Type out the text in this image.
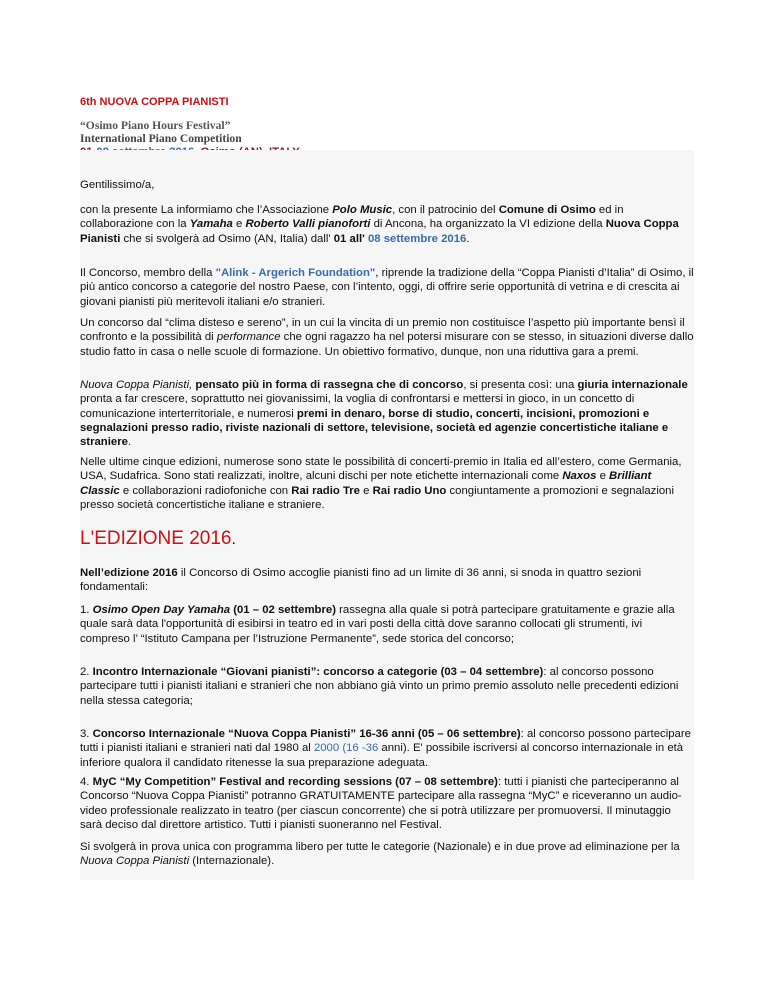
6th NUOVA COPPA PIANISTI
“Osimo Piano Hours Festival”
International Piano Competition

Gentilissimo/a,

con la presente La informiamo che l’Associazione Polo Music, con il patrocinio del Comune di Osimo ed in collaborazione con la Yamaha e Roberto Valli pianoforti di Ancona, ha organizzato la VI edizione della Nuova Coppa Pianisti che si svolgerà ad Osimo (AN, Italia) dall' 01 all' 08 settembre 2016.

Il Concorso, membro della "Alink - Argerich Foundation", riprende la tradizione della “Coppa Pianisti d’Italia” di Osimo, il più antico concorso a categorie del nostro Paese, con l’intento, oggi, di offrire serie opportunità di vetrina e di crescita ai giovani pianisti più meritevoli italiani e/o stranieri.

Un concorso dal “clima disteso e sereno”, in un cui la vincita di un premio non costituisce l’aspetto più importante bensì il confronto e la possibilità di performance che ogni ragazzo ha nel potersi misurare con se stesso, in situazioni diverse dallo studio fatto in casa o nelle scuole di formazione. Un obiettivo formativo, dunque, non una riduttiva gara a premi.

Nuova Coppa Pianisti, pensato più in forma di rassegna che di concorso, si presenta così: una giuria internazionale pronta a far crescere, soprattutto nei giovanissimi, la voglia di confrontarsi e mettersi in gioco, in un concetto di comunicazione interterritoriale, e numerosi premi in denaro, borse di studio, concerti, incisioni, promozioni e segnalazioni presso radio, riviste nazionali di settore, televisione, società ed agenzie concertistiche italiane e straniere.

Nelle ultime cinque edizioni, numerose sono state le possibilità di concerti-premio in Italia ed all’estero, come Germania, USA, Sudafrica. Sono stati realizzati, inoltre, alcuni dischi per note etichette internazionali come Naxos e Brilliant Classic e collaborazioni radiofoniche con Rai radio Tre e Rai radio Uno congiuntamente a promozioni e segnalazioni presso società concertistiche italiane e straniere.

L'EDIZIONE 2016.

Nell’edizione 2016 il Concorso di Osimo accoglie pianisti fino ad un limite di 36 anni, si snoda in quattro sezioni fondamentali:

1. Osimo Open Day Yamaha (01 – 02 settembre) rassegna alla quale si potrà partecipare gratuitamente e grazie alla quale sarà data l'opportunità di esibirsi in teatro ed in vari posti della città dove saranno collocati gli strumenti, ivi compreso l’ “Istituto Campana per l’Istruzione Permanente”, sede storica del concorso;

2. Incontro Internazionale “Giovani pianisti”: concorso a categorie (03 – 04 settembre): al concorso possono partecipare tutti i pianisti italiani e stranieri che non abbiano già vinto un primo premio assoluto nelle precedenti edizioni nella stessa categoria;

3. Concorso Internazionale “Nuova Coppa Pianisti” 16-36 anni (05 – 06 settembre): al concorso possono partecipare tutti i pianisti italiani e stranieri nati dal 1980 al 2000 (16 -36 anni). E' possibile iscriversi al concorso internazionale in età inferiore qualora il candidato ritenesse la sua preparazione adeguata.

4. MyC “My Competition” Festival and recording sessions (07 – 08 settembre): tutti i pianisti che parteciperanno al Concorso “Nuova Coppa Pianisti” potranno GRATUITAMENTE partecipare alla rassegna “MyC” e riceveranno un audio-video professionale realizzato in teatro (per ciascun concorrente) che si potrà utilizzare per promuoversi. Il minutaggio sarà deciso dal direttore artistico. Tutti i pianisti suoneranno nel Festival.

Si svolgerà in prova unica con programma libero per tutte le categorie (Nazionale) e in due prove ad eliminazione per la Nuova Coppa Pianisti (Internazionale).
